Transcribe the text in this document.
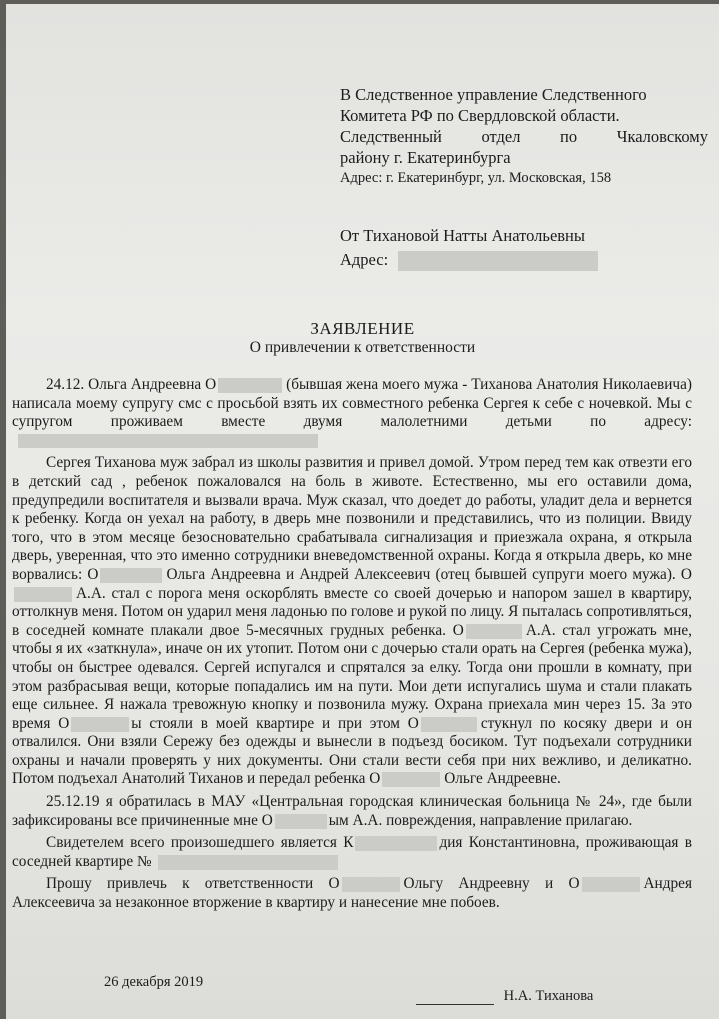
В Следственное управление Следственного
Комитета РФ по Свердловской области.
Следственный отдел по Чкаловскому
району г. Екатеринбурга
Адрес: г. Екатеринбург, ул. Московская, 158
От Тихановой Натты Анатольевны
Адрес:
ЗАЯВЛЕНИЕ
О привлечении к ответственности

24.12. Ольга Андреевна О	(бывшая жена моего мужа - Тиханова Анатолия Николаевича) написала моему супругу смс с просьбой взять их совместного ребенка Сергея к себе с ночевкой. Мы с супругом проживаем вместе двумя малолетними детьми по адресу:

Сергея Тиханова муж забрал из школы развития и привел домой. Утром перед тем как отвезти его в детский сад , ребенок пожаловался на боль в животе. Естественно, мы его оставили дома, предупредили воспитателя и вызвали врача. Муж сказал, что доедет до работы, уладит дела и вернется к ребенку. Когда он уехал на работу, в дверь мне позвонили и представились, что из полиции. Ввиду того, что в этом месяце безосновательно срабатывала сигнализация и приезжала охрана, я открыла дверь, уверенная, что это именно сотрудники вневедомственной охраны. Когда я открыла дверь, ко мне ворвались: О	Ольга Андреевна и Андрей Алексеевич (отец бывшей супруги моего мужа). ОА.А. стал с порога меня оскорблять вместе со своей дочерью и напором зашел в квартиру, оттолкнув меня. Потом он ударил меня ладонью по голове и рукой по лицу. Я пыталась сопротивляться, в соседней комнате плакали двое 5-месячных грудных ребенка. О	А.А. стал угрожать мне, чтобы я их «заткнула», иначе он их утопит. Потом они с дочерью стали орать на Сергея (ребенка мужа), чтобы он быстрее одевался. Сергей испугался и спрятался за елку. Тогда они прошли в комнату, при этом разбрасывая вещи, которые попадались им на пути. Мои дети испугались шума и стали плакать еще сильнее. Я нажала тревожную кнопку и позвонила мужу. Охрана приехала мин через 15. За это время О	ы стояли в моей квартире и при этом О	стукнул по косяку двери и он отвалился. Они взяли Сережу без одежды и вынесли в подъезд босиком. Тут подъехали сотрудники охраны и начали проверять у них документы. Они стали вести себя при них вежливо, и деликатно. Потом подъехал Анатолий Тиханов и передал ребенка О	Ольге Андреевне.

25.12.19 я обратилась в МАУ «Центральная городская клиническая больница № 24», где были зафиксированы все причиненные мне О	ым А.А. повреждения, направление прилагаю.

Свидетелем всего произошедшего является К	дия Константиновна, проживающая в соседней квартире №

Прошу привлечь к ответственности О	Ольгу Андреевну и О	Андрея Алексеевича за незаконное вторжение в квартиру и нанесение мне побоев.

26 декабря 2019
Н.А. Тиханова
